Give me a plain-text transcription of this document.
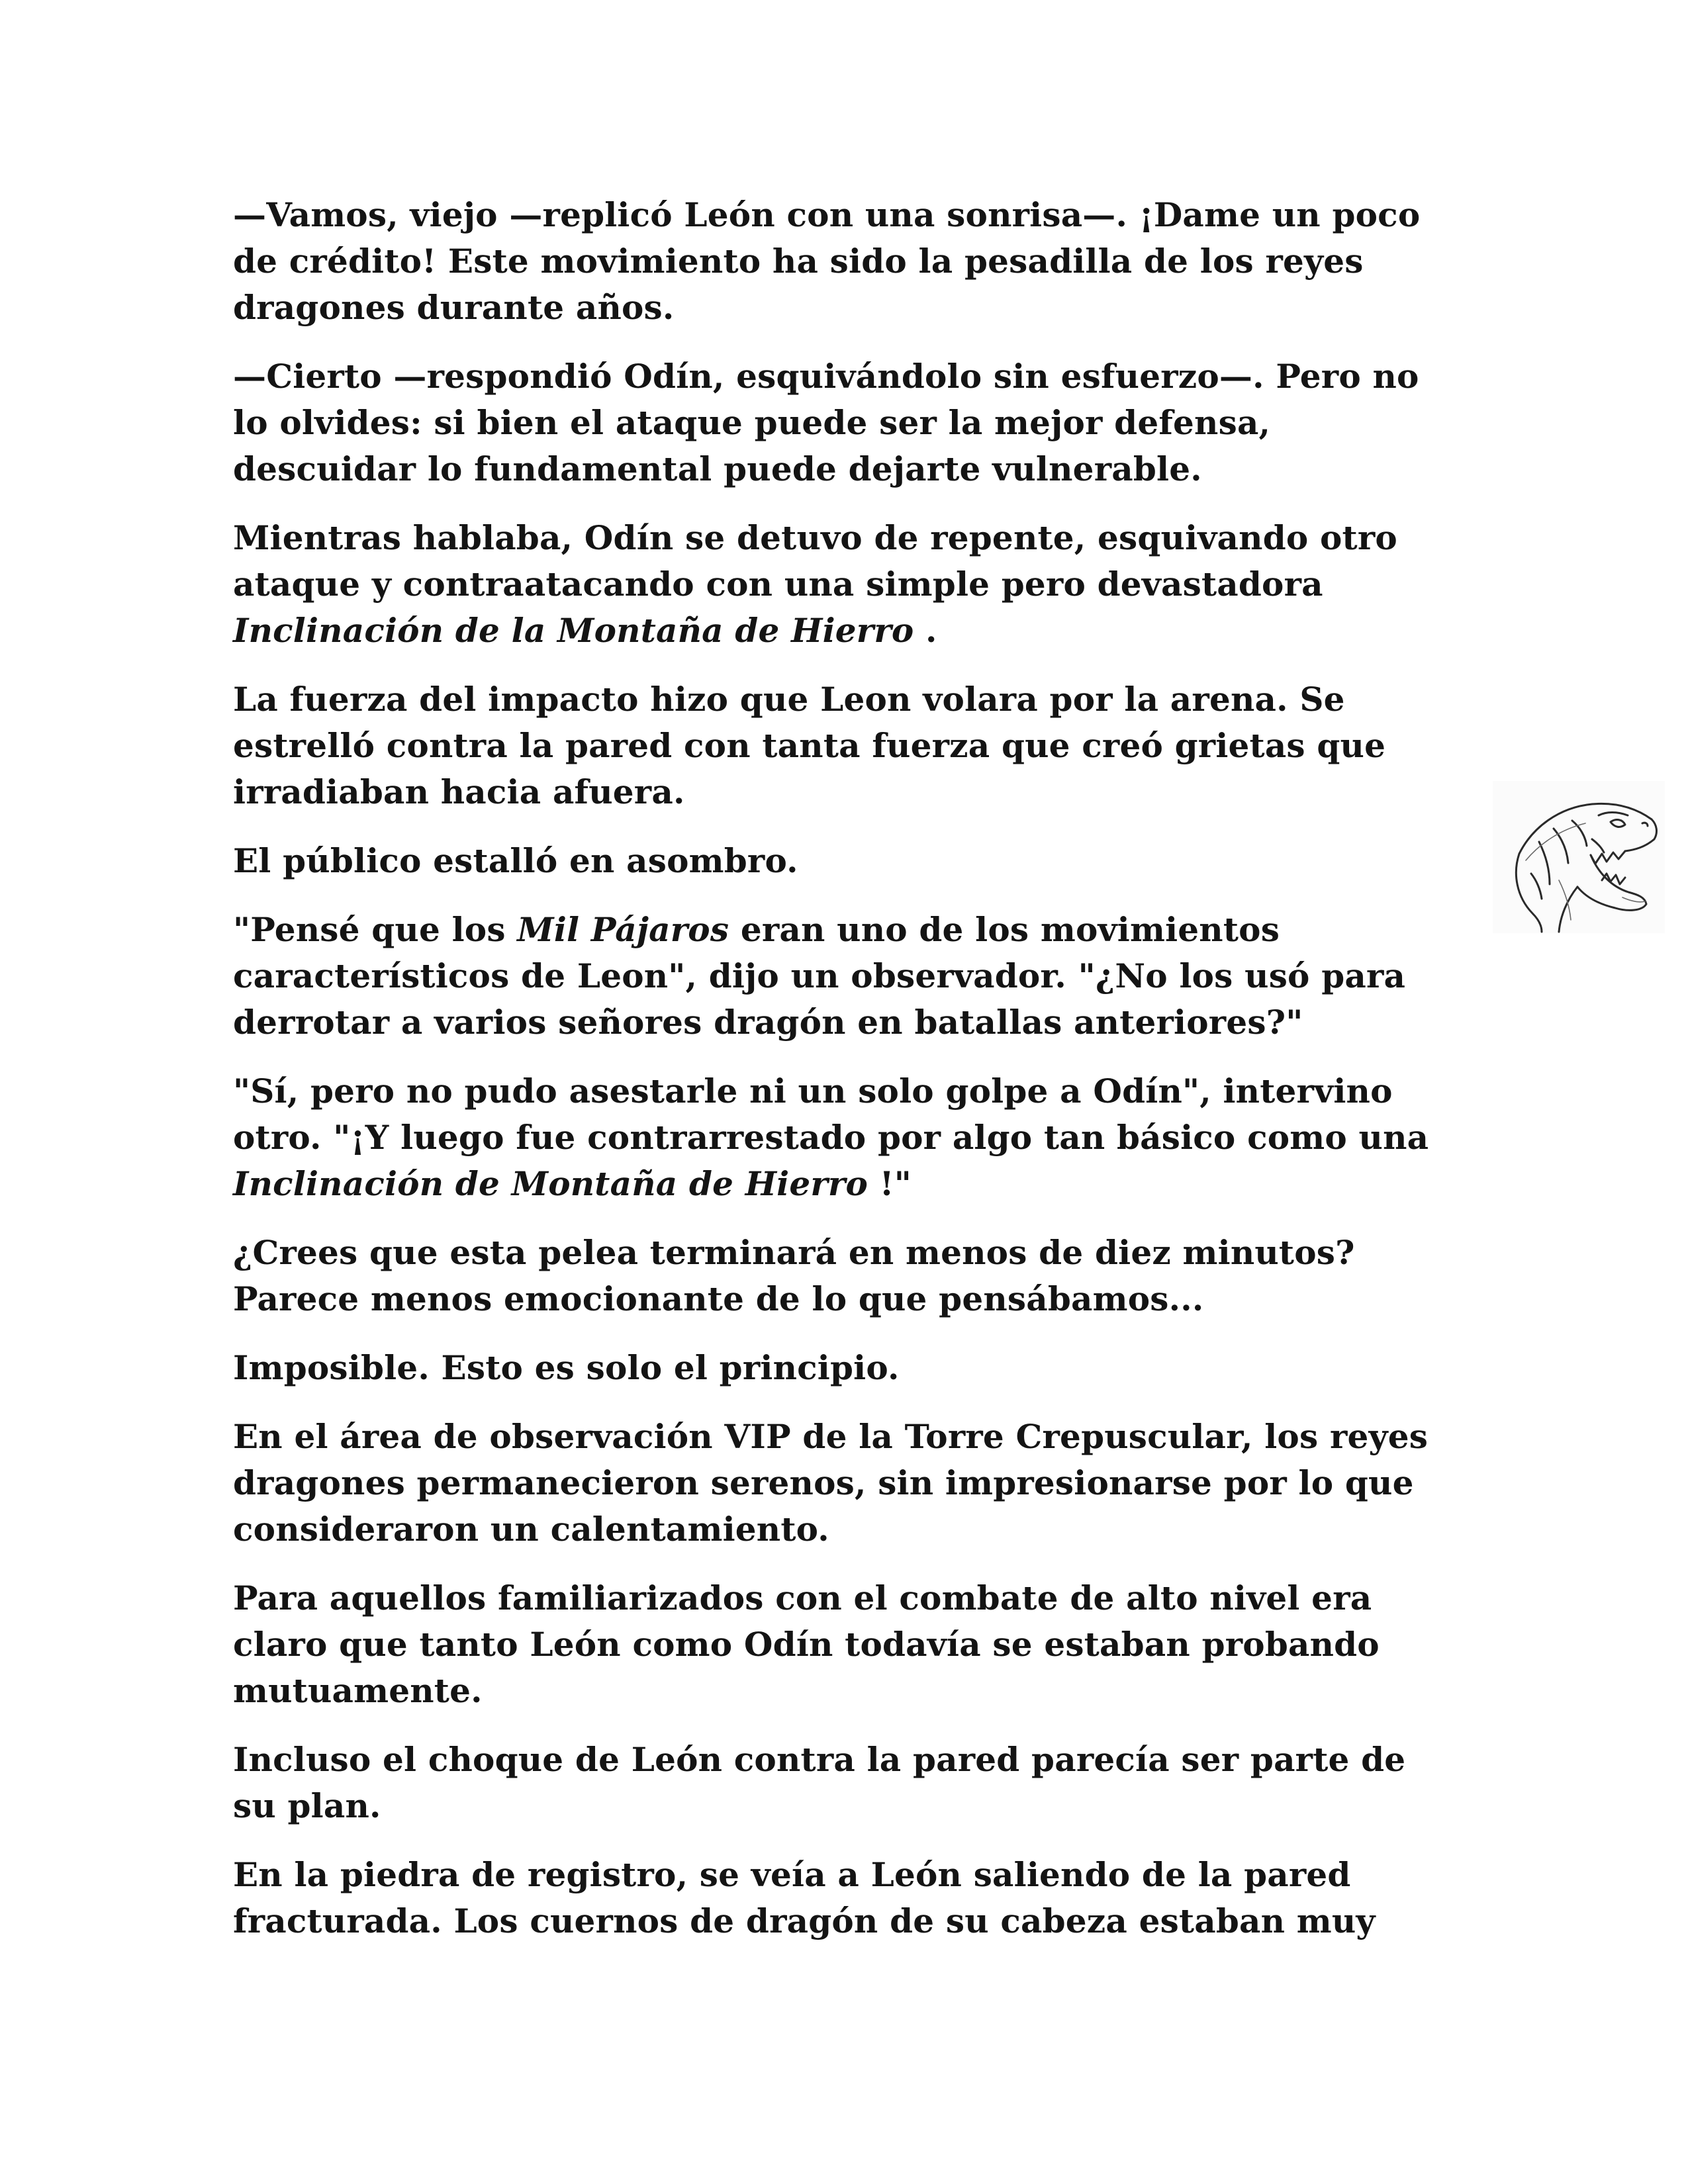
—Vamos, viejo —replicó León con una sonrisa—. ¡Dame un poco de crédito! Este movimiento ha sido la pesadilla de los reyes dragones durante años.

—Cierto —respondió Odín, esquivándolo sin esfuerzo—. Pero no lo olvides: si bien el ataque puede ser la mejor defensa, descuidar lo fundamental puede dejarte vulnerable.

Mientras hablaba, Odín se detuvo de repente, esquivando otro ataque y contraatacando con una simple pero devastadora Inclinación de la Montaña de Hierro .

La fuerza del impacto hizo que Leon volara por la arena. Se estrelló contra la pared con tanta fuerza que creó grietas que irradiaban hacia afuera.

El público estalló en asombro.

"Pensé que los Mil Pájaros eran uno de los movimientos característicos de Leon", dijo un observador. "¿No los usó para derrotar a varios señores dragón en batallas anteriores?"

"Sí, pero no pudo asestarle ni un solo golpe a Odín", intervino otro. "¡Y luego fue contrarrestado por algo tan básico como una Inclinación de Montaña de Hierro !"

¿Crees que esta pelea terminará en menos de diez minutos? Parece menos emocionante de lo que pensábamos...

Imposible. Esto es solo el principio.

En el área de observación VIP de la Torre Crepuscular, los reyes dragones permanecieron serenos, sin impresionarse por lo que consideraron un calentamiento.

Para aquellos familiarizados con el combate de alto nivel era claro que tanto León como Odín todavía se estaban probando mutuamente.

Incluso el choque de León contra la pared parecía ser parte de su plan.

En la piedra de registro, se veía a León saliendo de la pared fracturada. Los cuernos de dragón de su cabeza estaban muy
